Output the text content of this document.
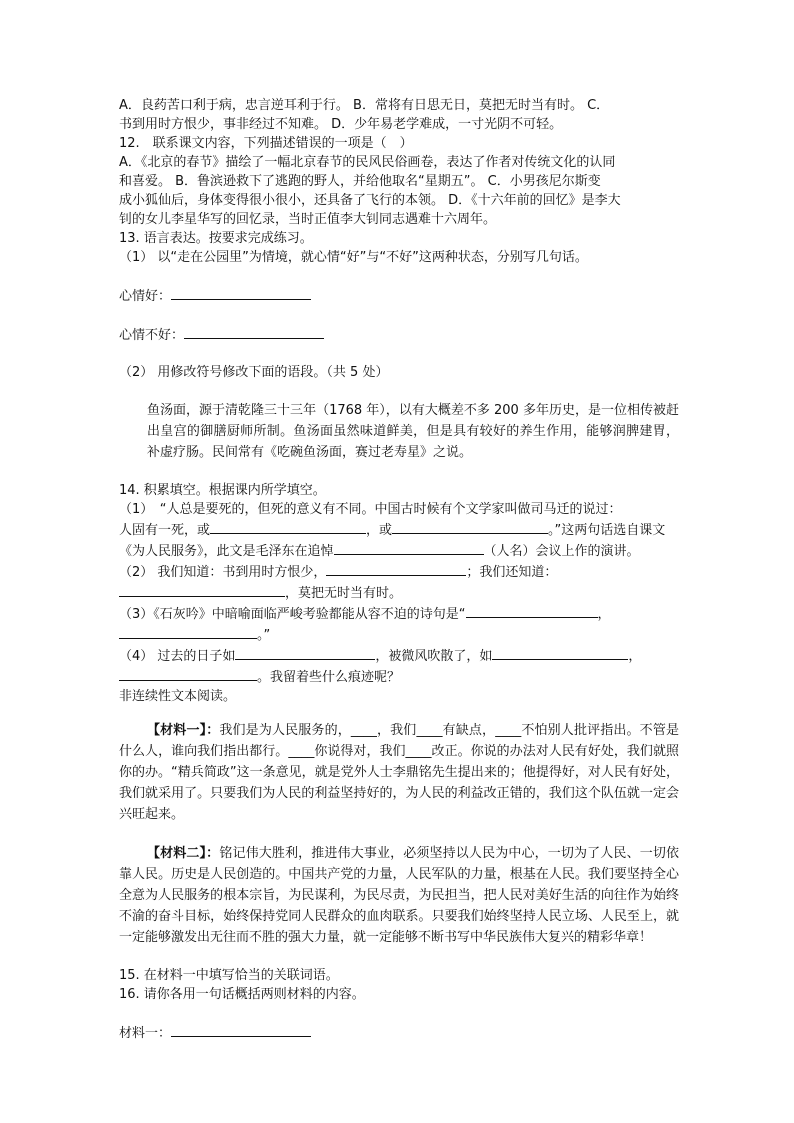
A．良药苦口利于病，忠言逆耳利于行。 B．常将有日思无日，莫把无时当有时。 C．
书到用时方恨少，事非经过不知难。 D．少年易老学难成，一寸光阴不可轻。
12.　联系课文内容，下列描述错误的一项是（　）
A．《北京的春节》描绘了一幅北京春节的民风民俗画卷，表达了作者对传统文化的认同
和喜爱。 B．鲁滨逊救下了逃跑的野人，并给他取名“星期五”。 C．小男孩尼尔斯变
成小狐仙后，身体变得很小很小，还具备了飞行的本领。 D．《十六年前的回忆》是李大
钊的女儿李星华写的回忆录，当时正值李大钊同志遇难十六周年。
13. 语言表达。按要求完成练习。
（1） 以“走在公园里”为情境，就心情“好”与“不好”这两种状态，分别写几句话。
心情好：
心情不好：
（2） 用修改符号修改下面的语段。（共 5 处）
鱼汤面，源于清乾隆三十三年（1768 年），以有大概差不多 200 多年历史，是一位相传被赶出皇宫的御膳厨师所制。鱼汤面虽然味道鲜美，但是具有较好的养生作用，能够润脾建胃，补虚疗肠。民间常有《吃碗鱼汤面，赛过老寿星》之说。
14. 积累填空。根据课内所学填空。
（1）　“人总是要死的，但死的意义有不同。中国古时候有个文学家叫做司马迁的说过：
人固有一死，或	，或	。”这两句话选自课文
《为人民服务》，此文是毛泽东在追悼	（人名）会议上作的演讲。
（2） 我们知道：书到用时方恨少，	；我们还知道：
，莫把无时当有时。
（3）《石灰吟》中暗喻面临严峻考验都能从容不迫的诗句是“	，
。”
（4） 过去的日子如	，被微风吹散了，如	，
。我留着些什么痕迹呢？
非连续性文本阅读。
【材料一】：我们是为人民服务的，____，我们____有缺点，____不怕别人批评指出。不管是什么人，谁向我们指出都行。____你说得对，我们____改正。你说的办法对人民有好处，我们就照你的办。“精兵简政”这一条意见，就是党外人士李鼎铭先生提出来的；他提得好，对人民有好处，我们就采用了。只要我们为人民的利益坚持好的，为人民的利益改正错的，我们这个队伍就一定会兴旺起来。
【材料二】：铭记伟大胜利，推进伟大事业，必须坚持以人民为中心，一切为了人民、一切依靠人民。历史是人民创造的。中国共产党的力量，人民军队的力量，根基在人民。我们要坚持全心全意为人民服务的根本宗旨，为民谋利，为民尽责，为民担当，把人民对美好生活的向往作为始终不渝的奋斗目标，始终保持党同人民群众的血肉联系。只要我们始终坚持人民立场、人民至上，就一定能够激发出无往而不胜的强大力量，就一定能够不断书写中华民族伟大复兴的精彩华章！
15. 在材料一中填写恰当的关联词语。
16. 请你各用一句话概括两则材料的内容。
材料一：
